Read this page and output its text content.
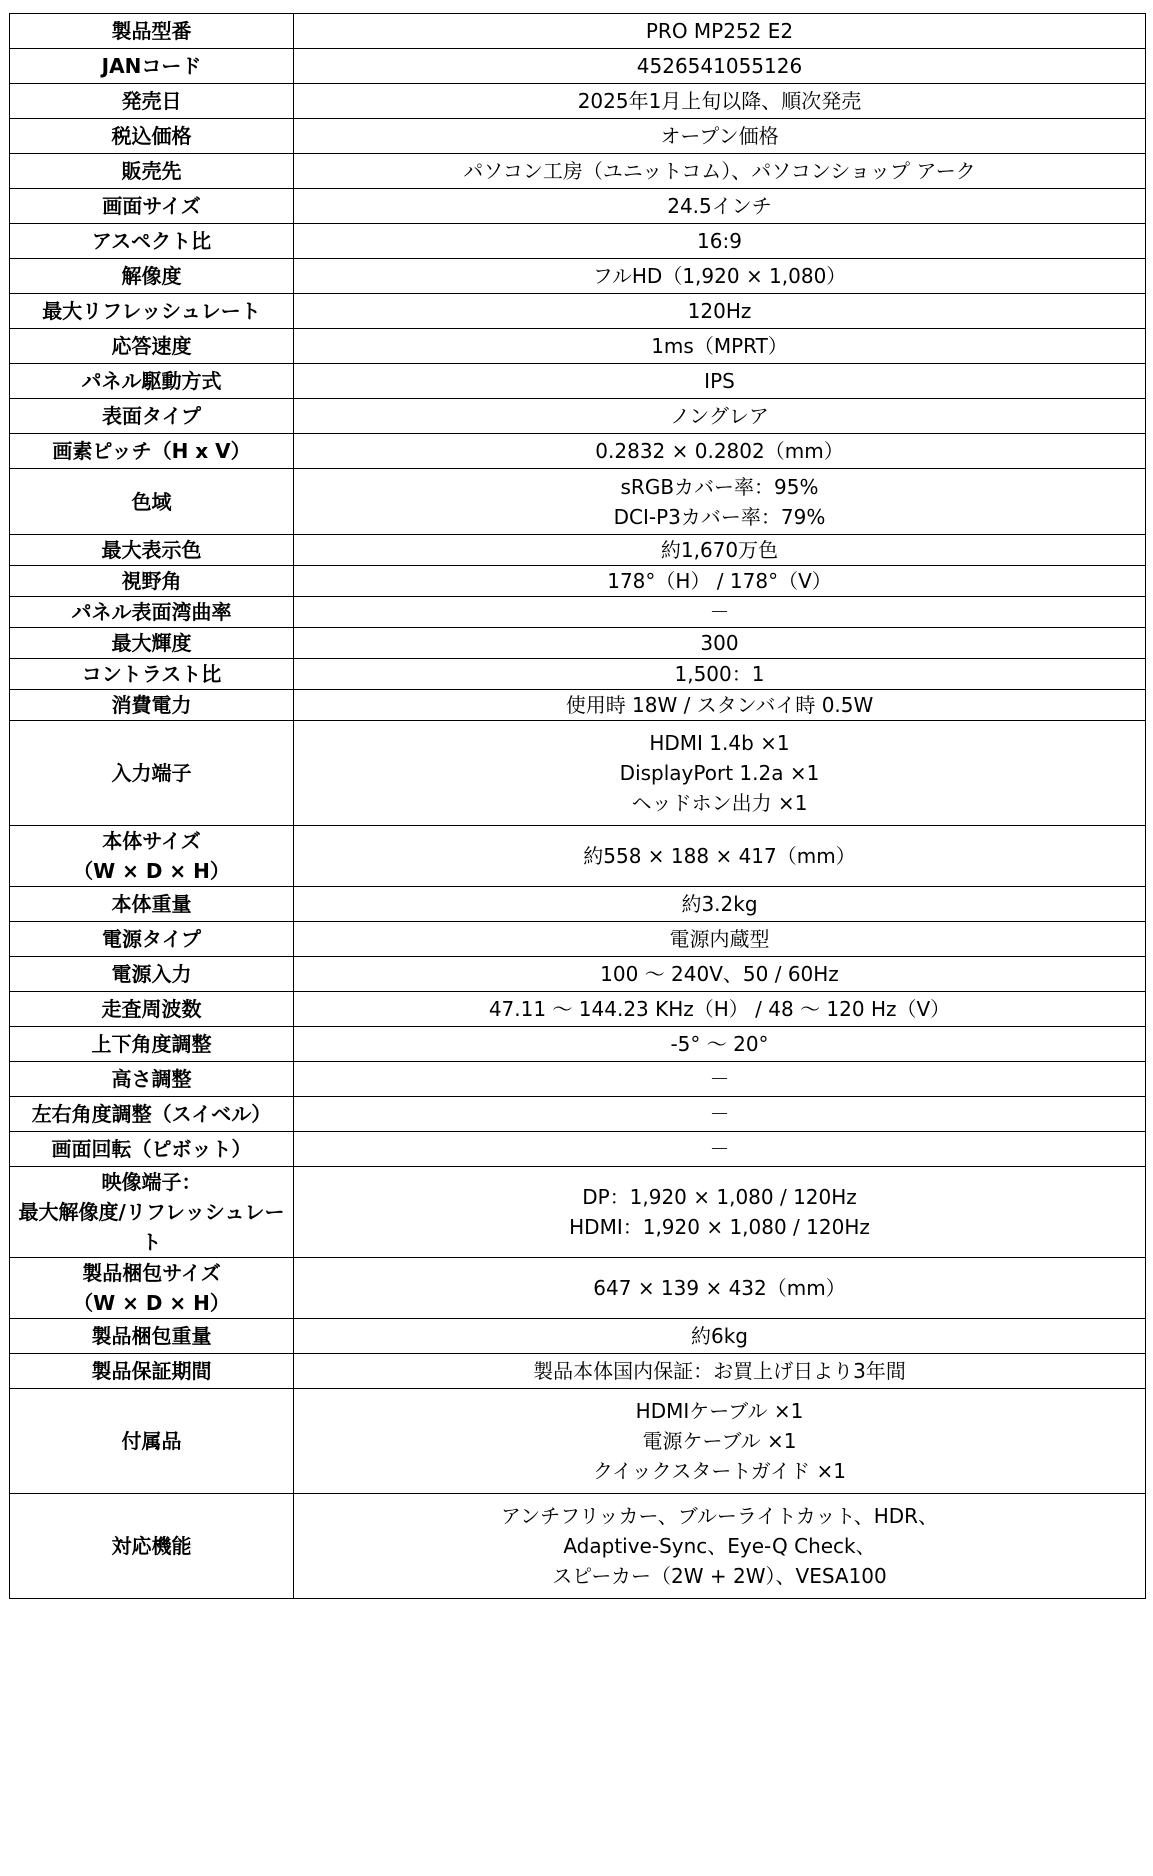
製品型番	PRO MP252 E2

JANコード	4526541055126

発売日	2025年1月上旬以降、順次発売

税込価格	オープン価格

販売先	パソコン工房（ユニットコム）、パソコンショップ アーク

画面サイズ	24.5インチ

アスペクト比	16:9

解像度	フルHD（1,920 × 1,080）

最大リフレッシュレート	120Hz

応答速度	1ms（MPRT）

パネル駆動方式	IPS

表面タイプ	ノングレア

画素ピッチ（H x V）	0.2832 × 0.2802（mm）

色域	sRGBカバー率：95%
DCI-P3カバー率：79%

最大表示色	約1,670万色

視野角	178°（H） / 178°（V）

パネル表面湾曲率	－

最大輝度	300

コントラスト比	1,500：1

消費電力	使用時 18W / スタンバイ時 0.5W

入力端子	HDMI 1.4b ×1
DisplayPort 1.2a ×1
ヘッドホン出力 ×1

本体サイズ
（W × D × H）	約558 × 188 × 417（mm）

本体重量	約3.2kg

電源タイプ	電源内蔵型

電源入力	100 ～ 240V、50 / 60Hz

走査周波数	47.11 ～ 144.23 KHz（H） / 48 ～ 120 Hz（V）

上下角度調整	-5° ～ 20°

高さ調整	－

左右角度調整（スイベル）	－

画面回転（ピボット）	－

映像端子：
最大解像度/リフレッシュレート	DP：1,920 × 1,080 / 120Hz
HDMI：1,920 × 1,080 / 120Hz

製品梱包サイズ
（W × D × H）	647 × 139 × 432（mm）

製品梱包重量	約6kg

製品保証期間	製品本体国内保証：お買上げ日より3年間

付属品	HDMIケーブル ×1
電源ケーブル ×1
クイックスタートガイド ×1

対応機能	アンチフリッカー、ブルーライトカット、HDR、
Adaptive-Sync、Eye-Q Check、
スピーカー（2W + 2W）、VESA100
